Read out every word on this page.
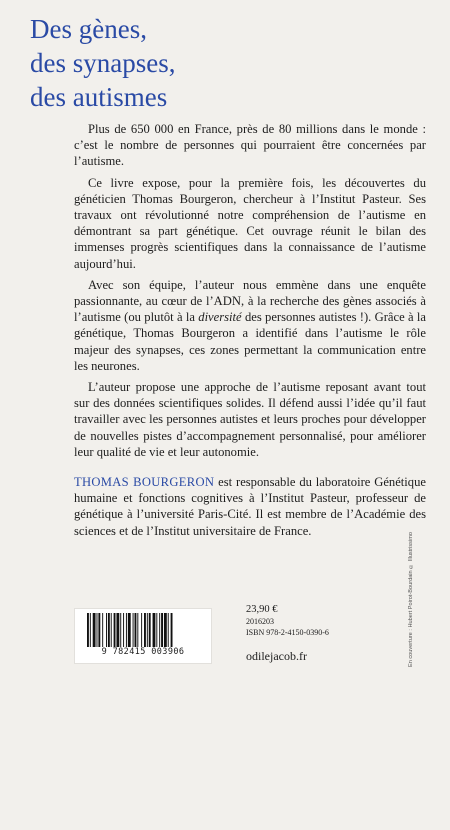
Des gènes,
des synapses,
des autismes

Plus de 650 000 en France, près de 80 millions dans le monde : c’est le nombre de personnes qui pourraient être concernées par l’autisme.

Ce livre expose, pour la première fois, les découvertes du généticien Thomas Bourgeron, chercheur à l’Institut Pasteur. Ses travaux ont révolutionné notre compréhension de l’autisme en démontrant sa part génétique. Cet ouvrage réunit le bilan des immenses progrès scientifiques dans la connaissance de l’autisme aujourd’hui.

Avec son équipe, l’auteur nous emmène dans une enquête passionnante, au cœur de l’ADN, à la recherche des gènes associés à l’autisme (ou plutôt à la diversité des personnes autistes !). Grâce à la génétique, Thomas Bourgeron a identifié dans l’autisme le rôle majeur des synapses, ces zones permettant la communication entre les neurones.

L’auteur propose une approche de l’autisme reposant avant tout sur des données scientifiques solides. Il défend aussi l’idée qu’il faut travailler avec les personnes autistes et leurs proches pour développer de nouvelles pistes d’accompagnement personnalisé, pour améliorer leur qualité de vie et leur autonomie.

THOMAS BOURGERON est responsable du laboratoire Génétique humaine et fonctions cognitives à l’Institut Pasteur, professeur de génétique à l’université Paris-Cité. Il est membre de l’Académie des sciences et de l’Institut universitaire de France.

9 782415 003906
23,90 €
2016203
ISBN 978-2-4150-0390-6
odilejacob.fr	En couverture : Hubert Poirot-Bourdain © Illustrissimo
